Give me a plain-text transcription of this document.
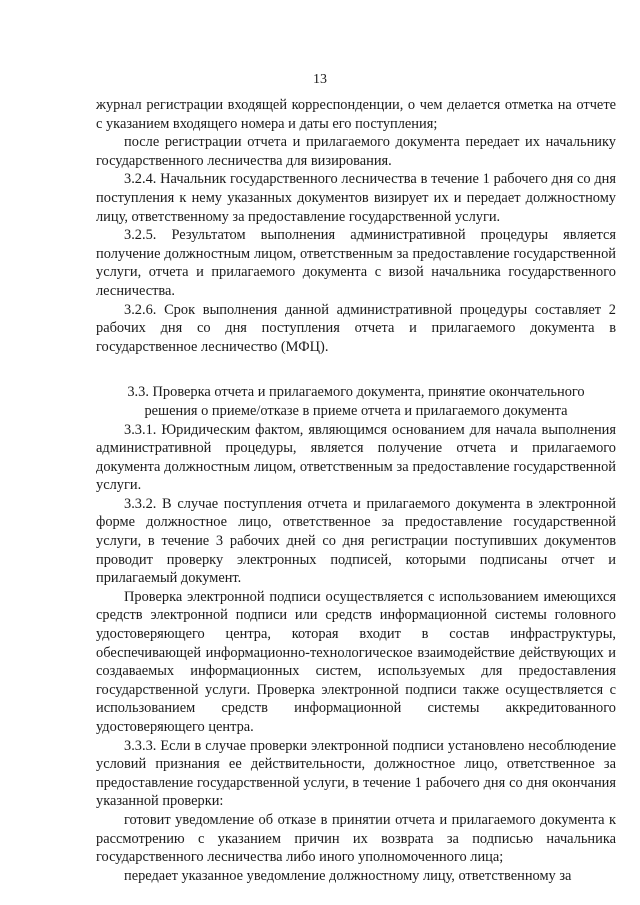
13

журнал регистрации входящей корреспонденции, о чем делается отметка на отчете с указанием входящего номера и даты его поступления;

после регистрации отчета и прилагаемого документа передает их начальнику государственного лесничества для визирования.

3.2.4. Начальник государственного лесничества в течение 1 рабочего дня со дня поступления к нему указанных документов визирует их и передает должностному лицу, ответственному за предоставление государственной услуги.

3.2.5. Результатом выполнения административной процедуры является получение должностным лицом, ответственным за предоставление государственной услуги, отчета и прилагаемого документа с визой начальника государственного лесничества.

3.2.6. Срок выполнения данной административной процедуры составляет 2 рабочих дня со дня поступления отчета и прилагаемого документа в государственное лесничество (МФЦ).

3.3. Проверка отчета и прилагаемого документа, принятие окончательного решения о приеме/отказе в приеме отчета и прилагаемого документа

3.3.1. Юридическим фактом, являющимся основанием для начала выполнения административной процедуры, является получение отчета и прилагаемого документа должностным лицом, ответственным за предоставление государственной услуги.

3.3.2. В случае поступления отчета и прилагаемого документа в электронной форме должностное лицо, ответственное за предоставление государственной услуги, в течение 3 рабочих дней со дня регистрации поступивших документов проводит проверку электронных подписей, которыми подписаны отчет и прилагаемый документ.

Проверка электронной подписи осуществляется с использованием имеющихся средств электронной подписи или средств информационной системы головного удостоверяющего центра, которая входит в состав инфраструктуры, обеспечивающей информационно-технологическое взаимодействие действующих и создаваемых информационных систем, используемых для предоставления государственной услуги. Проверка электронной подписи также осуществляется с использованием средств информационной системы аккредитованного удостоверяющего центра.

3.3.3. Если в случае проверки электронной подписи установлено несоблюдение условий признания ее действительности, должностное лицо, ответственное за предоставление государственной услуги, в течение 1 рабочего дня со дня окончания указанной проверки:

готовит уведомление об отказе в принятии отчета и прилагаемого документа к рассмотрению с указанием причин их возврата за подписью начальника государственного лесничества либо иного уполномоченного лица;

передает указанное уведомление должностному лицу, ответственному за
